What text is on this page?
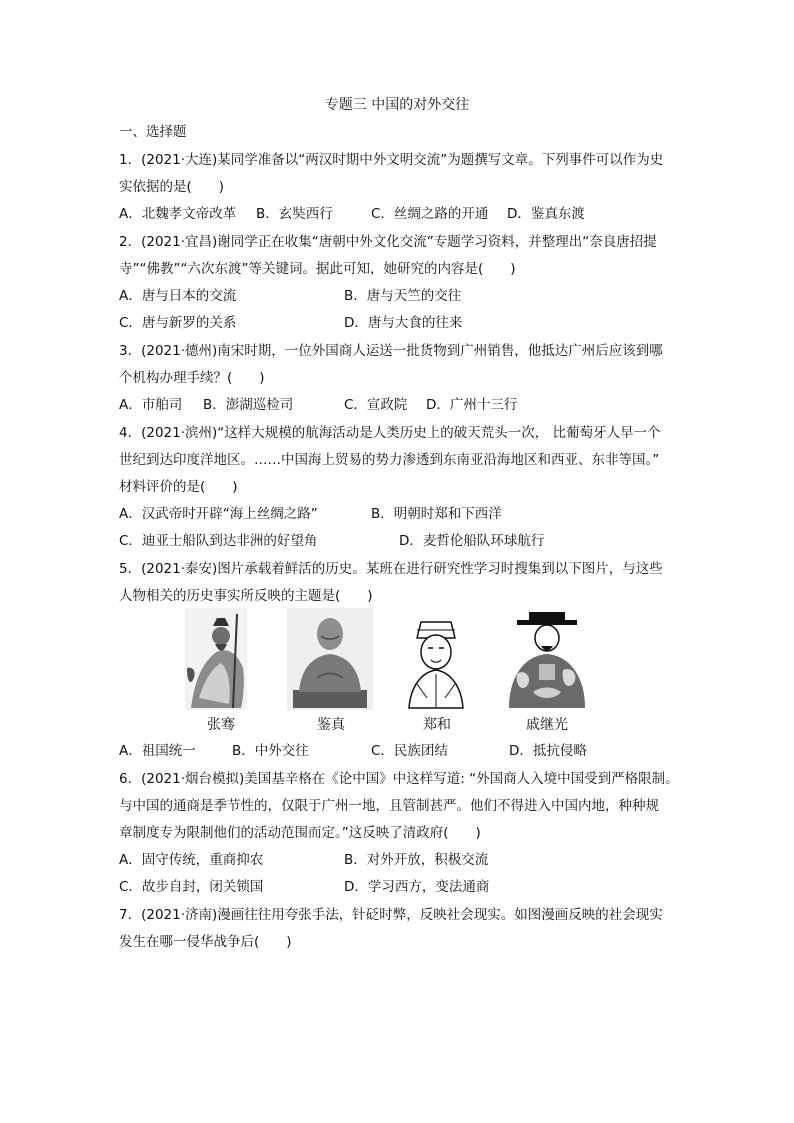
专题三 中国的对外交往
一、选择题
1．(2021·大连)某同学准备以“两汉时期中外文明交流”为题撰写文章。下列事件可以作为史
实依据的是(　　)
A．北魏孝文帝改革 B．玄奘西行	C．丝绸之路的开通 D．鉴真东渡
2．(2021·宜昌)谢同学正在收集“唐朝中外文化交流”专题学习资料，并整理出“奈良唐招提
寺”“佛教”“六次东渡”等关键词。据此可知，她研究的内容是(　　)
A．唐与日本的交流	B．唐与天竺的交往
C．唐与新罗的关系	D．唐与大食的往来
3．(2021·德州)南宋时期，一位外国商人运送一批货物到广州销售，他抵达广州后应该到哪
个机构办理手续？(　　)
A．市舶司 B．澎湖巡检司	C．宣政院 D．广州十三行
4．(2021·滨州)“这样大规模的航海活动是人类历史上的破天荒头一次， 比葡萄牙人早一个
世纪到达印度洋地区。……中国海上贸易的势力渗透到东南亚沿海地区和西亚、东非等国。”
材料评价的是(　　)
A．汉武帝时开辟“海上丝绸之路”	B．明朝时郑和下西洋
C．迪亚士船队到达非洲的好望角	D．麦哲伦船队环球航行
5．(2021·泰安)图片承载着鲜活的历史。某班在进行研究性学习时搜集到以下图片，与这些
人物相关的历史事实所反映的主题是(　　)
张骞	鉴真	郑和	戚继光
A．祖国统一	B．中外交往	C．民族团结	D．抵抗侵略
6．(2021·烟台模拟)美国基辛格在《论中国》中这样写道: “外国商人入境中国受到严格限制。
与中国的通商是季节性的，仅限于广州一地，且管制甚严。他们不得进入中国内地，种种规
章制度专为限制他们的活动范围而定。”这反映了清政府(　　)
A．固守传统，重商抑农	B．对外开放，积极交流
C．故步自封，闭关锁国	D．学习西方，变法通商
7．(2021·济南)漫画往往用夸张手法，针砭时弊，反映社会现实。如图漫画反映的社会现实
发生在哪一侵华战争后(　　)
